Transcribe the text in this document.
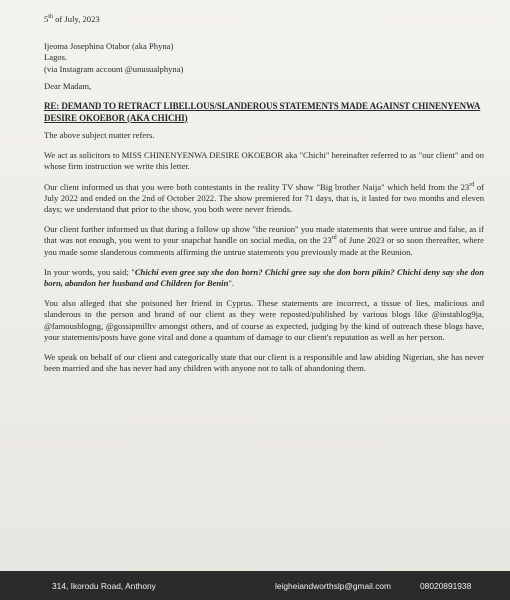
5th of July, 2023
Ijeoma Josephina Otabor (aka Phyna)
Lagos.
(via Instagram account @unusualphyna)
Dear Madam,
RE: DEMAND TO RETRACT LIBELLOUS/SLANDEROUS STATEMENTS MADE AGAINST CHINENYENWA DESIRE OKOEBOR (AKA CHICHI)

The above subject matter refers.

We act as solicitors to MISS CHINENYENWA DESIRE OKOEBOR aka "Chichi" hereinafter referred to as "our client" and on whose firm instruction we write this letter.

Our client informed us that you were both contestants in the reality TV show "Big brother Naija" which held from the 23rd of July 2022 and ended on the 2nd of October 2022. The show premiered for 71 days, that is, it lasted for two months and eleven days; we understand that prior to the show, you both were never friends.

Our client further informed us that during a follow up show "the reunion" you made statements that were untrue and false, as if that was not enough, you went to your snapchat handle on social media, on the 23rd of June 2023 or so soon thereafter, where you made some slanderous comments affirming the untrue statements you previously made at the Reunion.

In your words, you said; "Chichi even gree say she don born? Chichi gree say she don born pikin? Chichi deny say she don born, abandon her husband and Children for Benin".

You also alleged that she poisoned her friend in Cyprus. These statements are incorrect, a tissue of lies, malicious and slanderous to the person and brand of our client as they were reposted/published by various blogs like @instablog9ja, @famousblogng, @gossipmilltv amongst others, and of course as expected, judging by the kind of outreach these blogs have, your statements/posts have gone viral and done a quantum of damage to our client's reputation as well as her person.

We speak on behalf of our client and categorically state that our client is a responsible and law abiding Nigerian, she has never been married and she has never had any children with anyone not to talk of abandoning them.

314, Ikorodu Road, Anthony	leigheiandworthslp@gmail.com	08020891938
